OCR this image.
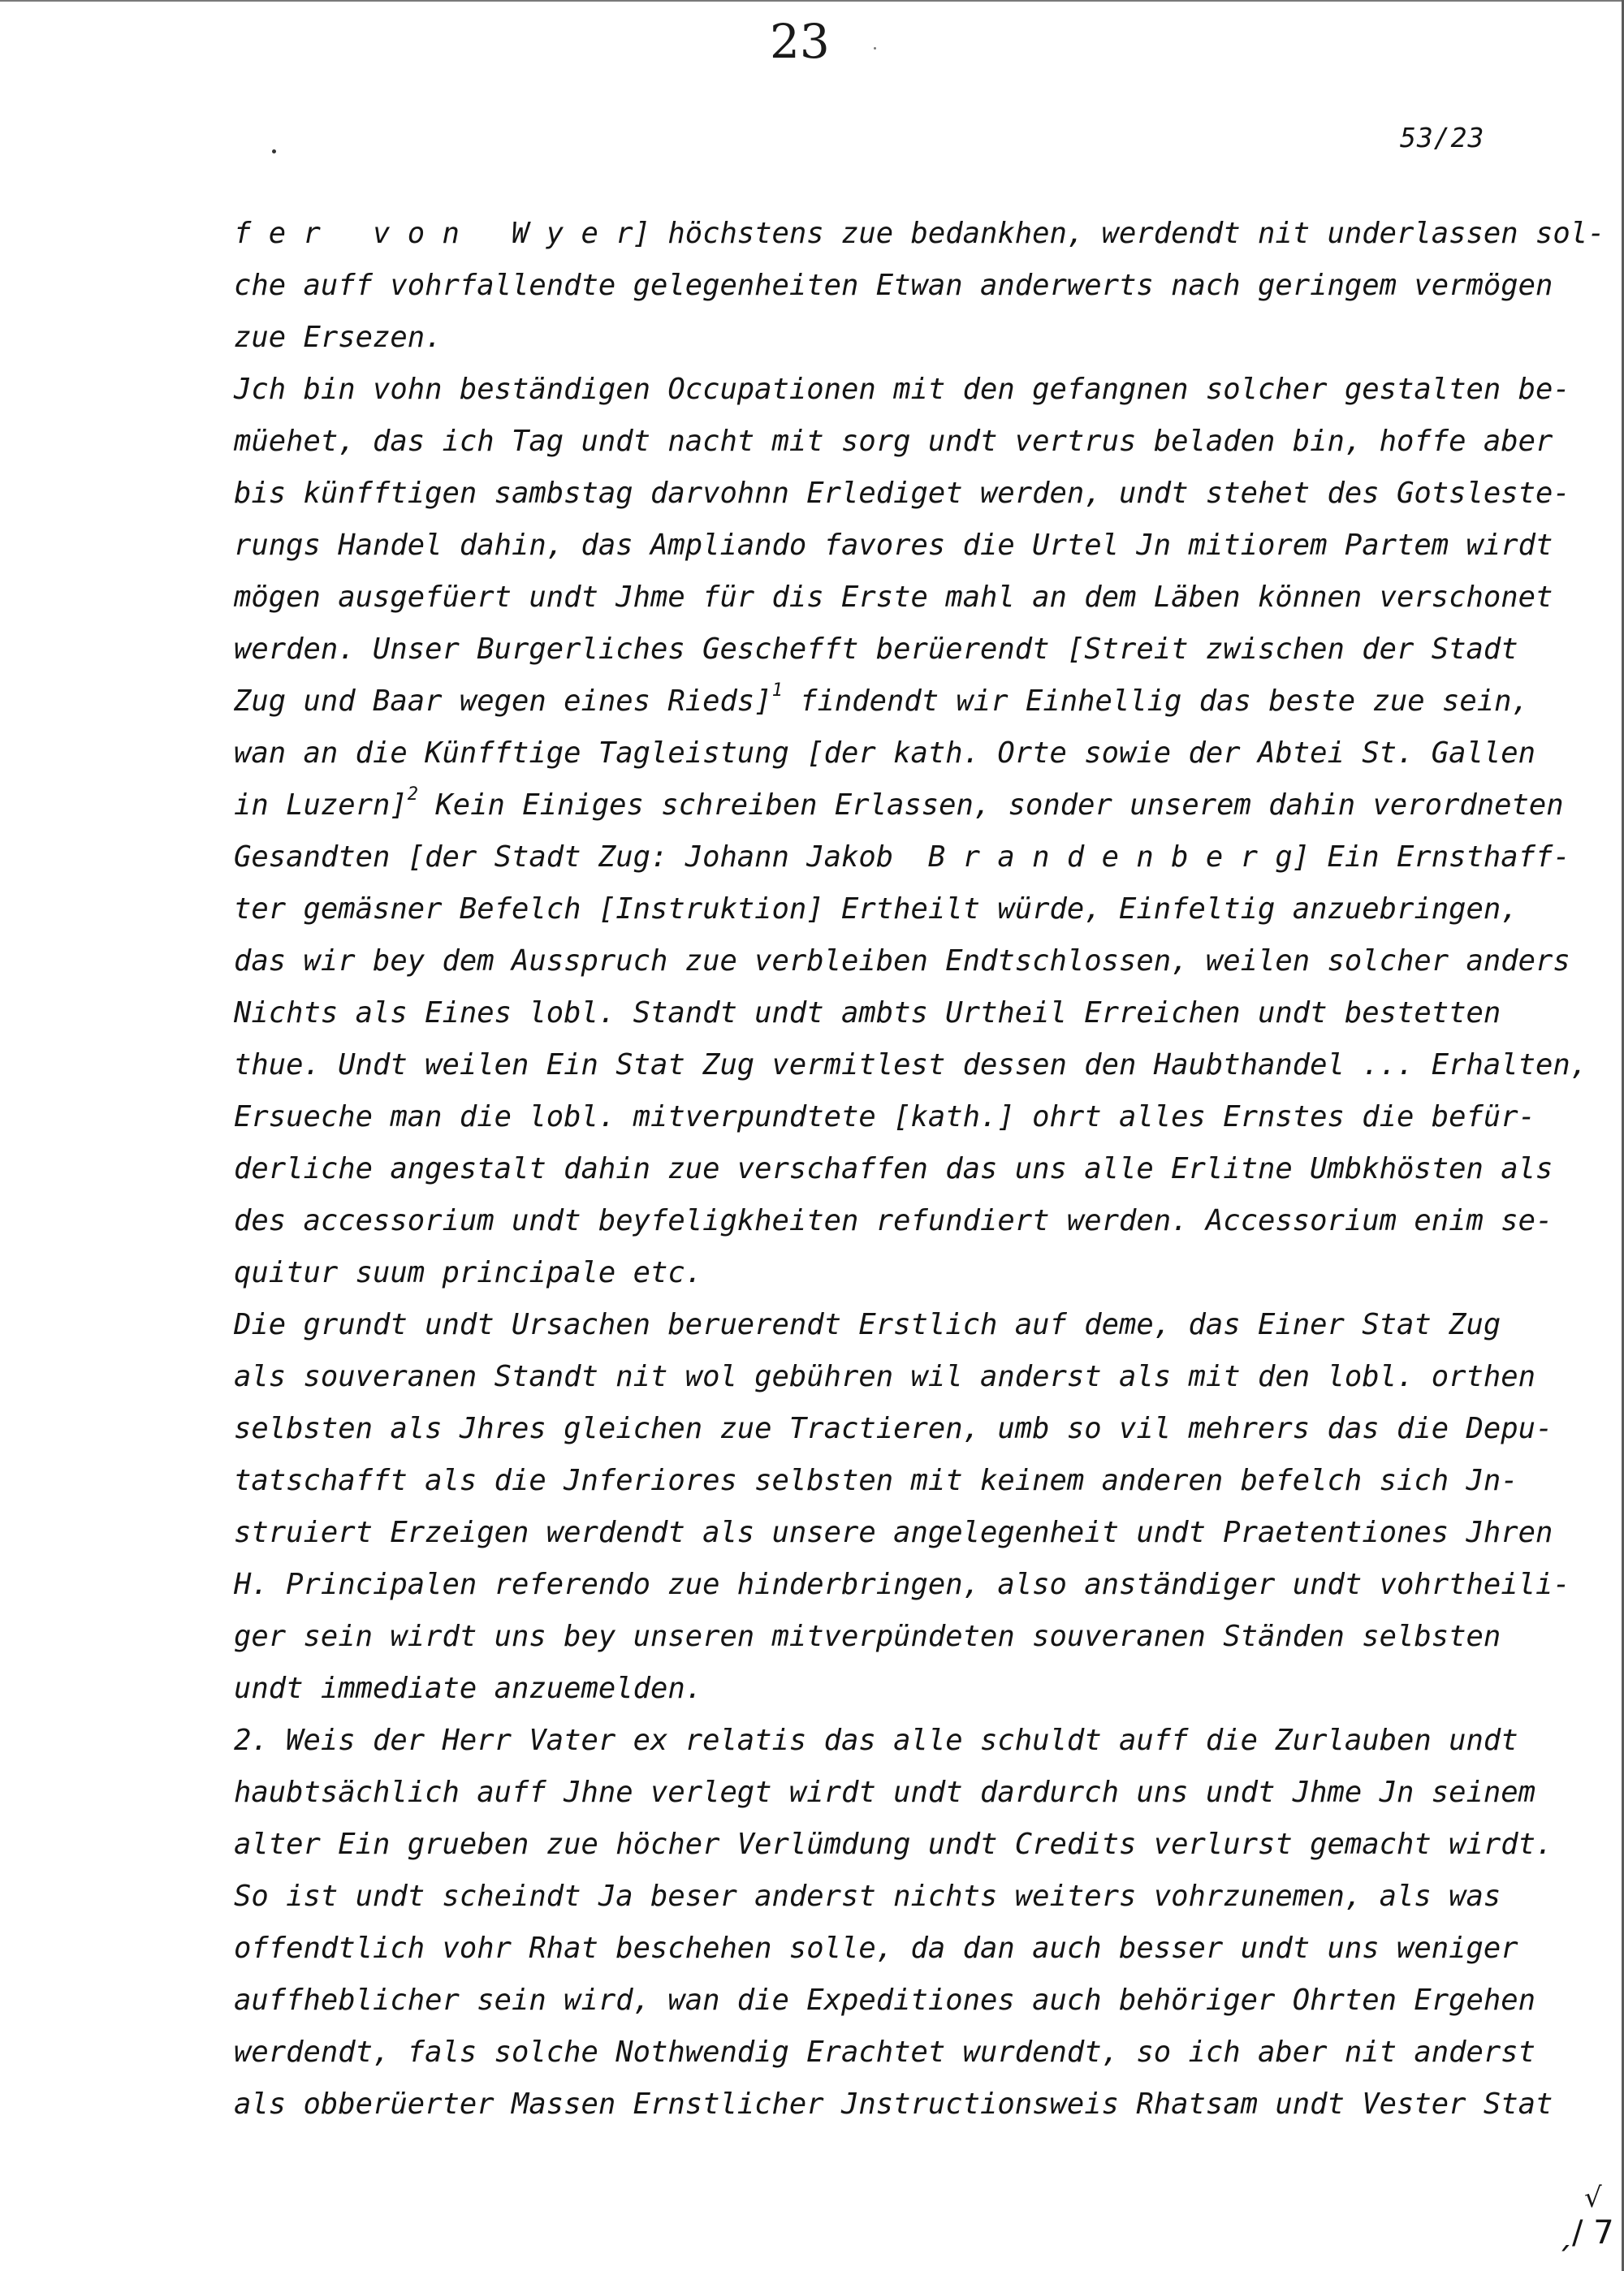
23
53/23
f e r   v o n   W y e r] höchstens zue bedankhen, werdendt nit underlassen sol-
che auff vohrfallendte gelegenheiten Etwan anderwerts nach geringem vermögen
zue Ersezen.
Jch bin vohn beständigen Occupationen mit den gefangnen solcher gestalten be-
müehet, das ich Tag undt nacht mit sorg undt vertrus beladen bin, hoffe aber
bis künfftigen sambstag darvohnn Erlediget werden, undt stehet des Gotsleste-
rungs Handel dahin, das Ampliando favores die Urtel Jn mitiorem Partem wirdt
mögen ausgefüert undt Jhme für dis Erste mahl an dem Läben können verschonet
werden. Unser Burgerliches Geschefft berüerendt [Streit zwischen der Stadt
Zug und Baar wegen eines Rieds]$^1$ findendt wir Einhellig das beste zue sein,
wan an die Künfftige Tagleistung [der kath. Orte sowie der Abtei St. Gallen
in Luzern]$^2$ Kein Einiges schreiben Erlassen, sonder unserem dahin verordneten
Gesandten [der Stadt Zug: Johann Jakob  B r a n d e n b e r g] Ein Ernsthaff-
ter gemäsner Befelch [Instruktion] Ertheilt würde, Einfeltig anzuebringen,
das wir bey dem Ausspruch zue verbleiben Endtschlossen, weilen solcher anders
Nichts als Eines lobl. Standt undt ambts Urtheil Erreichen undt bestetten
thue. Undt weilen Ein Stat Zug vermitlest dessen den Haubthandel ... Erhalten,
Ersueche man die lobl. mitverpundtete [kath.] ohrt alles Ernstes die befür-
derliche angestalt dahin zue verschaffen das uns alle Erlitne Umbkhösten als
des accessorium undt beyfeligkheiten refundiert werden. Accessorium enim se-
quitur suum principale etc.
Die grundt undt Ursachen beruerendt Erstlich auf deme, das Einer Stat Zug
als souveranen Standt nit wol gebühren wil anderst als mit den lobl. orthen
selbsten als Jhres gleichen zue Tractieren, umb so vil mehrers das die Depu-
tatschafft als die Jnferiores selbsten mit keinem anderen befelch sich Jn-
struiert Erzeigen werdendt als unsere angelegenheit undt Praetentiones Jhren
H. Principalen referendo zue hinderbringen, also anständiger undt vohrtheili-
ger sein wirdt uns bey unseren mitverpündeten souveranen Ständen selbsten
undt immediate anzuemelden.
2. Weis der Herr Vater ex relatis das alle schuldt auff die Zurlauben undt
haubtsächlich auff Jhne verlegt wirdt undt dardurch uns undt Jhme Jn seinem
alter Ein grueben zue höcher Verlümdung undt Credits verlurst gemacht wirdt.
So ist undt scheindt Ja beser anderst nichts weiters vohrzunemen, als was
offendtlich vohr Rhat beschehen solle, da dan auch besser undt uns weniger
auffheblicher sein wird, wan die Expeditiones auch behöriger Ohrten Ergehen
werdendt, fals solche Nothwendig Erachtet wurdendt, so ich aber nit anderst
als obberüerter Massen Ernstlicher Jnstructionsweis Rhatsam undt Vester Stat
√
ˏ/ 7
